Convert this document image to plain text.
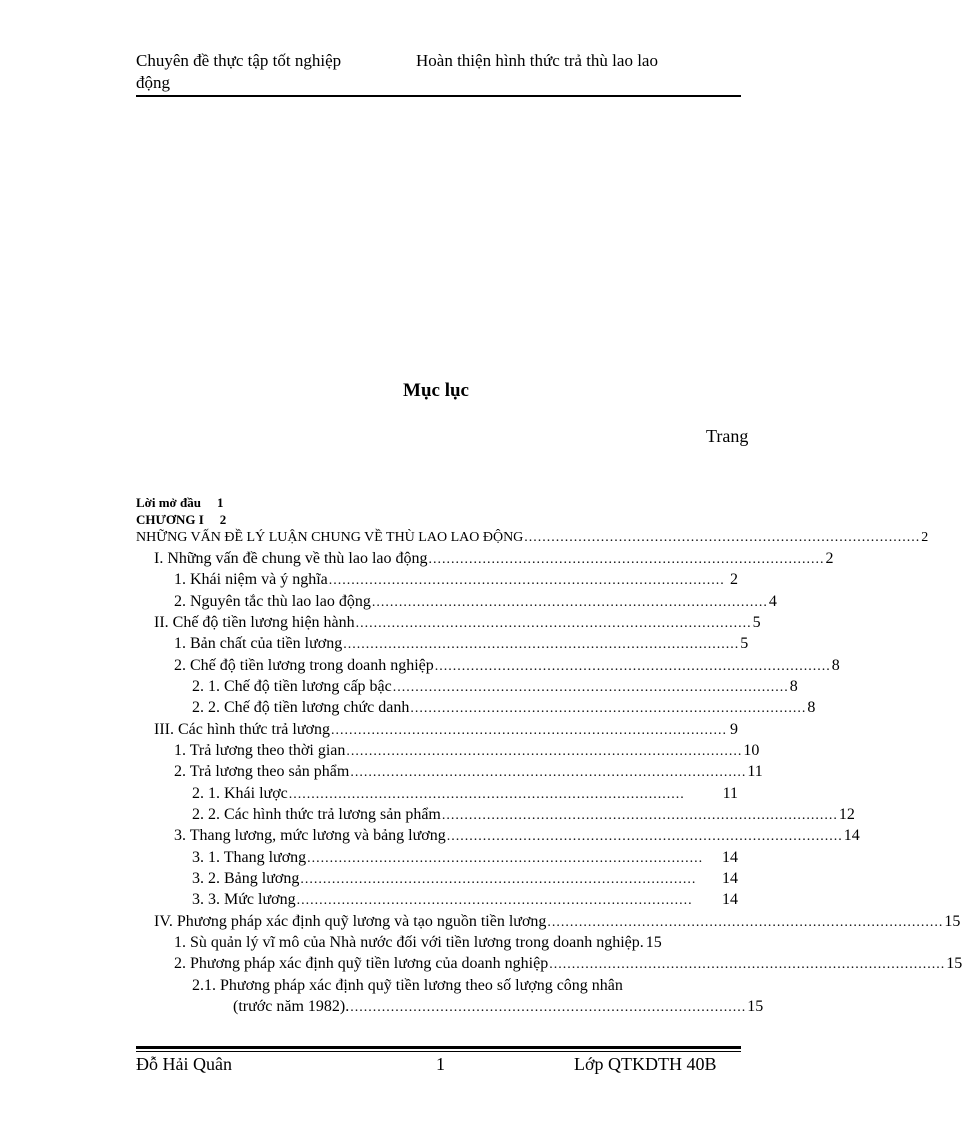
Chuyên đề thực tập tốt nghiệp
động
Hoàn thiện hình thức trả thù lao lao
Mục lục
Trang
Lời mở đầu 1
CHƯƠNG I 2
NHỮNG VẤN ĐỀ LÝ LUẬN CHUNG VỀ THÙ LAO LAO ĐỘNG ........................................................................................ 2
I. Những vấn đề chung về thù lao lao động ........................................................................................ 2
1. Khái niệm và ý nghĩa ........................................................................................ 2
2. Nguyên tắc thù lao lao động ........................................................................................ 4
II. Chế độ tiền lương hiện hành ........................................................................................ 5
1. Bản chất của tiền lương ........................................................................................ 5
2. Chế độ tiền lương trong doanh nghiệp ........................................................................................ 8
2. 1. Chế độ tiền lương cấp bậc ........................................................................................ 8
2. 2. Chế độ tiền lương chức danh ........................................................................................ 8
III. Các hình thức trả lương ........................................................................................ 9
1. Trả lương theo thời gian ........................................................................................ 10
2. Trả lương theo sản phẩm ........................................................................................ 11
2. 1. Khái lược ........................................................................................	11
2. 2. Các hình thức trả lương sản phẩm ........................................................................................ 12
3. Thang lương, mức lương và bảng lương ........................................................................................ 14
3. 1. Thang lương ........................................................................................	14
3. 2. Bảng lương ........................................................................................	14
3. 3. Mức lương ........................................................................................	14
IV. Phương pháp xác định quỹ lương và tạo nguồn tiền lương ........................................................................................ 15
1. Sù quản lý vĩ mô của Nhà nước đối với tiền lương trong doanh nghiệp. 15
2. Phương pháp xác định quỹ tiền lương của doanh nghiệp ........................................................................................ 15
2.1. Phương pháp xác định quỹ tiền lương theo số lượng công nhân
(trước năm 1982). ........................................................................................ 15
Đỗ Hải Quân	1	Lớp QTKDTH 40B
